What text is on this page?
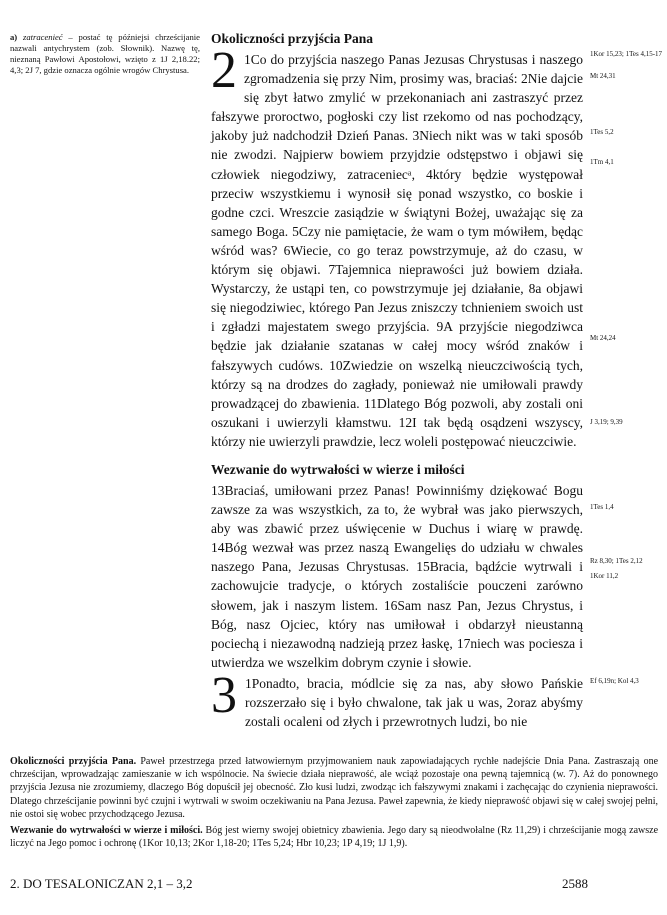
a) zatracenieć – postać tę późniejsi chrześcijanie nazwali antychrystem (zob. Słownik). Nazwę tę, nieznaną Pawłowi Apostołowi, wzięto z 1J 2,18.22; 4,3; 2J 7, gdzie oznacza ogólnie wrogów Chrystusa.
Okoliczności przyjścia Pana

2 1Co do przyjścia naszego Panas Jezusas Chrystusas i naszego zgromadzenia się przy Nim, prosimy was, braciaś: 2Nie dajcie się zbyt łatwo zmylić w przekonaniach ani zastraszyć przez fałszywe proroctwo, pogłoski czy list rzekomo od nas pochodzący, jakoby już nadchodził Dzień Panas. 3Niech nikt was w taki sposób nie zwodzi. Najpierw bowiem przyjdzie odstępstwo i objawi się człowiek niegodziwy, zatraceniecᵃ, 4który będzie występował przeciw wszystkiemu i wynosił się ponad wszystko, co boskie i godne czci. Wreszcie zasiądzie w świątyni Bożej, uważając się za samego Boga. 5Czy nie pamiętacie, że wam o tym mówiłem, będąc wśród was? 6Wiecie, co go teraz powstrzymuje, aż do czasu, w którym się objawi. 7Tajemnica nieprawości już bowiem działa. Wystarczy, że ustąpi ten, co powstrzymuje jej działanie, 8a objawi się niegodziwiec, którego Pan Jezus zniszczy tchnieniem swoich ust i zgładzi majestatem swego przyjścia. 9A przyjście niegodziwca będzie jak działanie szatanas w całej mocy wśród znaków i fałszywych cudóws. 10Zwiedzie on wszelką nieuczciwością tych, którzy są na drodzes do zagłady, ponieważ nie umiłowali prawdy prowadzącej do zbawienia. 11Dlatego Bóg pozwoli, aby zostali oni oszukani i uwierzyli kłamstwu. 12I tak będą osądzeni wszyscy, którzy nie uwierzyli prawdzie, lecz woleli postępować nieuczciwie.

Wezwanie do wytrwałości w wierze i miłości

13Braciaś, umiłowani przez Panas! Powinniśmy dziękować Bogu zawsze za was wszystkich, za to, że wybrał was jako pierwszych, aby was zbawić przez uświęcenie w Duchus i wiarę w prawdę. 14Bóg wezwał was przez naszą Ewangelięs do udziału w chwales naszego Pana, Jezusas Chrystusas. 15Bracia, bądźcie wytrwali i zachowujcie tradycje, o których zostaliście pouczeni zarówno słowem, jak i naszym listem. 16Sam nasz Pan, Jezus Chrystus, i Bóg, nasz Ojciec, który nas umiłował i obdarzył nieustanną pociechą i niezawodną nadzieją przez łaskę, 17niech was pociesza i utwierdza we wszelkim dobrym czynie i słowie.

3 1Ponadto, bracia, módlcie się za nas, aby słowo Pańskie rozszerzało się i było chwalone, tak jak u was, 2oraz abyśmy zostali ocaleni od złych i przewrotnych ludzi, bo nie

1Kor 15,23; 1Tes 4,15-17
Mt 24,31
1Tes 5,2
1Tm 4,1
Mt 24,24
J 3,19; 9,39
1Tes 1,4
Rz 8,30; 1Tes 2,12
1Kor 11,2
Ef 6,19n; Kol 4,3

Okoliczności przyjścia Pana. Paweł przestrzega przed łatwowiernym przyjmowaniem nauk zapowiadających rychłe nadejście Dnia Pana. Zastraszają one chrześcijan, wprowadzając zamieszanie w ich wspólnocie. Na świecie działa nieprawość, ale wciąż pozostaje ona pewną tajemnicą (w. 7). Aż do ponownego przyjścia Jezusa nie zrozumiemy, dlaczego Bóg dopuścił jej obecność. Zło kusi ludzi, zwodząc ich fałszywymi znakami i zachęcając do czynienia nieprawości. Dlatego chrześcijanie powinni być czujni i wytrwali w swoim oczekiwaniu na Pana Jezusa. Paweł zapewnia, że kiedy nieprawość objawi się w całej swojej pełni, nie ostoi się wobec przychodzącego Jezusa.

Wezwanie do wytrwałości w wierze i miłości. Bóg jest wierny swojej obietnicy zbawienia. Jego dary są nieodwołalne (Rz 11,29) i chrześcijanie mogą zawsze liczyć na Jego pomoc i ochronę (1Kor 10,13; 2Kor 1,18-20; 1Tes 5,24; Hbr 10,23; 1P 4,19; 1J 1,9).

2. DO TESALONICZAN 2,1 – 3,2	2588
